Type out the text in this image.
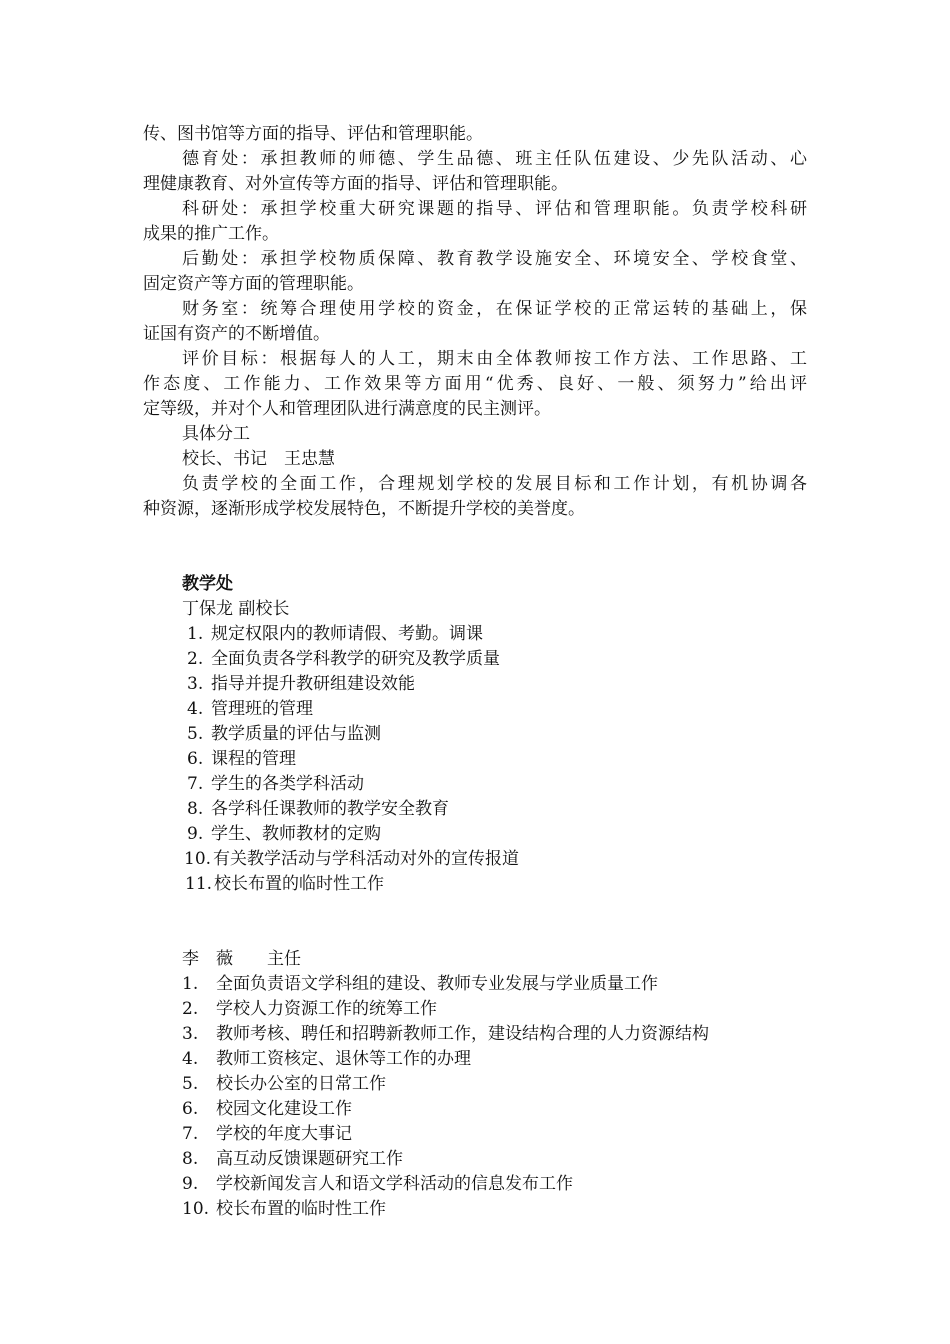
传、图书馆等方面的指导、评估和管理职能。
德育处：承担教师的师德、学生品德、班主任队伍建设、少先队活动、心
理健康教育、对外宣传等方面的指导、评估和管理职能。
科研处：承担学校重大研究课题的指导、评估和管理职能。负责学校科研
成果的推广工作。
后勤处：承担学校物质保障、教育教学设施安全、环境安全、学校食堂、
固定资产等方面的管理职能。
财务室：统筹合理使用学校的资金，在保证学校的正常运转的基础上，保
证国有资产的不断增值。
评价目标：根据每人的人工，期末由全体教师按工作方法、工作思路、工
作态度、工作能力、工作效果等方面用“优秀、良好、一般、须努力”给出评
定等级，并对个人和管理团队进行满意度的民主测评。
具体分工
校长、书记　王忠慧
负责学校的全面工作，合理规划学校的发展目标和工作计划，有机协调各
种资源，逐渐形成学校发展特色，不断提升学校的美誉度。
教学处
丁保龙 副校长
1. 规定权限内的教师请假、考勤。调课
2. 全面负责各学科教学的研究及教学质量
3. 指导并提升教研组建设效能
4. 管理班的管理
5. 教学质量的评估与监测
6. 课程的管理
7. 学生的各类学科活动
8. 各学科任课教师的教学安全教育
9. 学生、教师教材的定购
10. 有关教学活动与学科活动对外的宣传报道
11. 校长布置的临时性工作
李　薇　　主任
1.	全面负责语文学科组的建设、教师专业发展与学业质量工作
2.	学校人力资源工作的统筹工作
3.	教师考核、聘任和招聘新教师工作，建设结构合理的人力资源结构
4.	教师工资核定、退休等工作的办理
5.	校长办公室的日常工作
6.	校园文化建设工作
7.	学校的年度大事记
8.	高互动反馈课题研究工作
9.	学校新闻发言人和语文学科活动的信息发布工作
10. 校长布置的临时性工作
